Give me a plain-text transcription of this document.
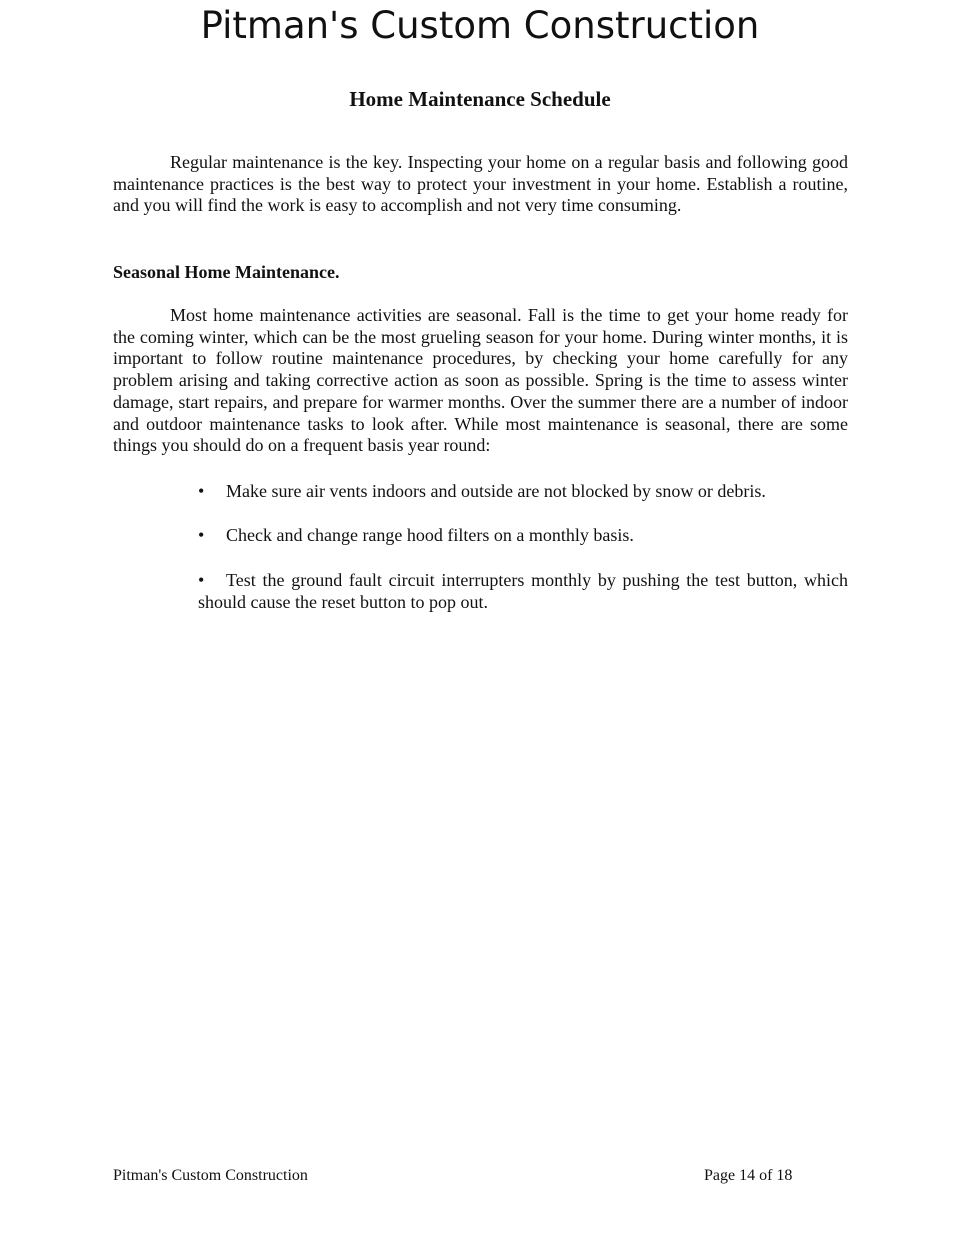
Pitman's Custom Construction
Home Maintenance Schedule

Regular maintenance is the key. Inspecting your home on a regular basis and following good maintenance practices is the best way to protect your investment in your home. Establish a routine, and you will find the work is easy to accomplish and not very time consuming.

Seasonal Home Maintenance.

Most home maintenance activities are seasonal. Fall is the time to get your home ready for the coming winter, which can be the most grueling season for your home. During winter months, it is important to follow routine maintenance procedures, by checking your home carefully for any problem arising and taking corrective action as soon as possible. Spring is the time to assess winter damage, start repairs, and prepare for warmer months. Over the summer there are a number of indoor and outdoor maintenance tasks to look after. While most maintenance is seasonal, there are some things you should do on a frequent basis year round:

• Make sure air vents indoors and outside are not blocked by snow or debris.
• Check and change range hood filters on a monthly basis.
• Test the ground fault circuit interrupters monthly by pushing the test button, which should cause the reset button to pop out.
Pitman's Custom Construction	Page 14 of 18
